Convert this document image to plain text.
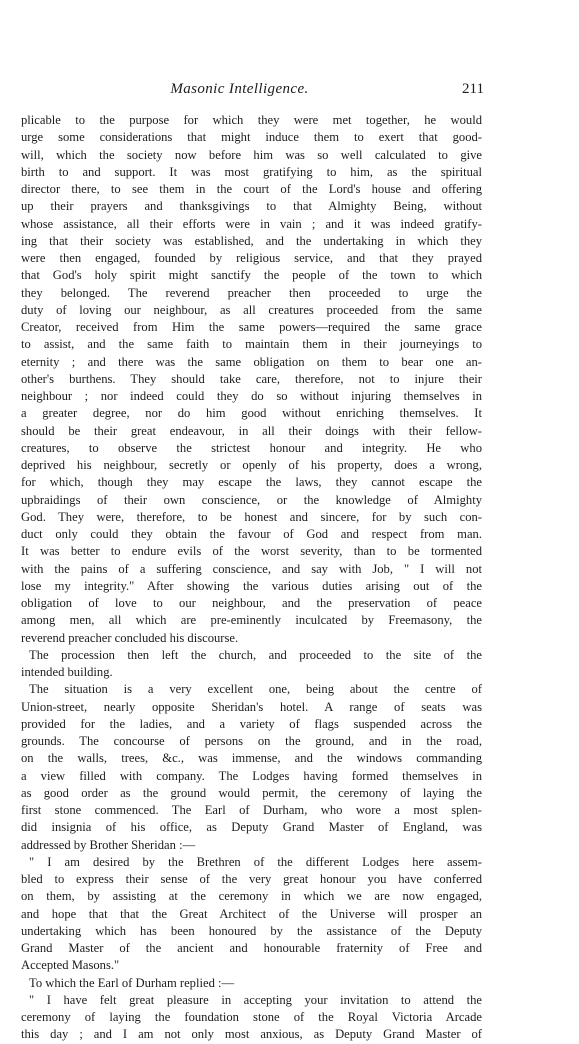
Masonic Intelligence.	211
plicable to the purpose for which they were met together, he would
urge some considerations that might induce them to exert that good-
will, which the society now before him was so well calculated to give
birth to and support. It was most gratifying to him, as the spiritual
director there, to see them in the court of the Lord's house and offering
up their prayers and thanksgivings to that Almighty Being, without
whose assistance, all their efforts were in vain ; and it was indeed gratify-
ing that their society was established, and the undertaking in which they
were then engaged, founded by religious service, and that they prayed
that God's holy spirit might sanctify the people of the town to which
they belonged. The reverend preacher then proceeded to urge the
duty of loving our neighbour, as all creatures proceeded from the same
Creator, received from Him the same powers—required the same grace
to assist, and the same faith to maintain them in their journeyings to
eternity ; and there was the same obligation on them to bear one an-
other's burthens. They should take care, therefore, not to injure their
neighbour ; nor indeed could they do so without injuring themselves in
a greater degree, nor do him good without enriching themselves. It
should be their great endeavour, in all their doings with their fellow-
creatures, to observe the strictest honour and integrity. He who
deprived his neighbour, secretly or openly of his property, does a wrong,
for which, though they may escape the laws, they cannot escape the
upbraidings of their own conscience, or the knowledge of Almighty
God. They were, therefore, to be honest and sincere, for by such con-
duct only could they obtain the favour of God and respect from man.
It was better to endure evils of the worst severity, than to be tormented
with the pains of a suffering conscience, and say with Job, " I will not
lose my integrity." After showing the various duties arising out of the
obligation of love to our neighbour, and the preservation of peace
among men, all which are pre-eminently inculcated by Freemasony, the
reverend preacher concluded his discourse.
The procession then left the church, and proceeded to the site of the
intended building.
The situation is a very excellent one, being about the centre of
Union-street, nearly opposite Sheridan's hotel. A range of seats was
provided for the ladies, and a variety of flags suspended across the
grounds. The concourse of persons on the ground, and in the road,
on the walls, trees, &c., was immense, and the windows commanding
a view filled with company. The Lodges having formed themselves in
as good order as the ground would permit, the ceremony of laying the
first stone commenced. The Earl of Durham, who wore a most splen-
did insignia of his office, as Deputy Grand Master of England, was
addressed by Brother Sheridan :—
" I am desired by the Brethren of the different Lodges here assem-
bled to express their sense of the very great honour you have conferred
on them, by assisting at the ceremony in which we are now engaged,
and hope that that the Great Architect of the Universe will prosper an
undertaking which has been honoured by the assistance of the Deputy
Grand Master of the ancient and honourable fraternity of Free and
Accepted Masons."
To which the Earl of Durham replied :—
" I have felt great pleasure in accepting your invitation to attend the
ceremony of laying the foundation stone of the Royal Victoria Arcade
this day ; and I am not only most anxious, as Deputy Grand Master of
